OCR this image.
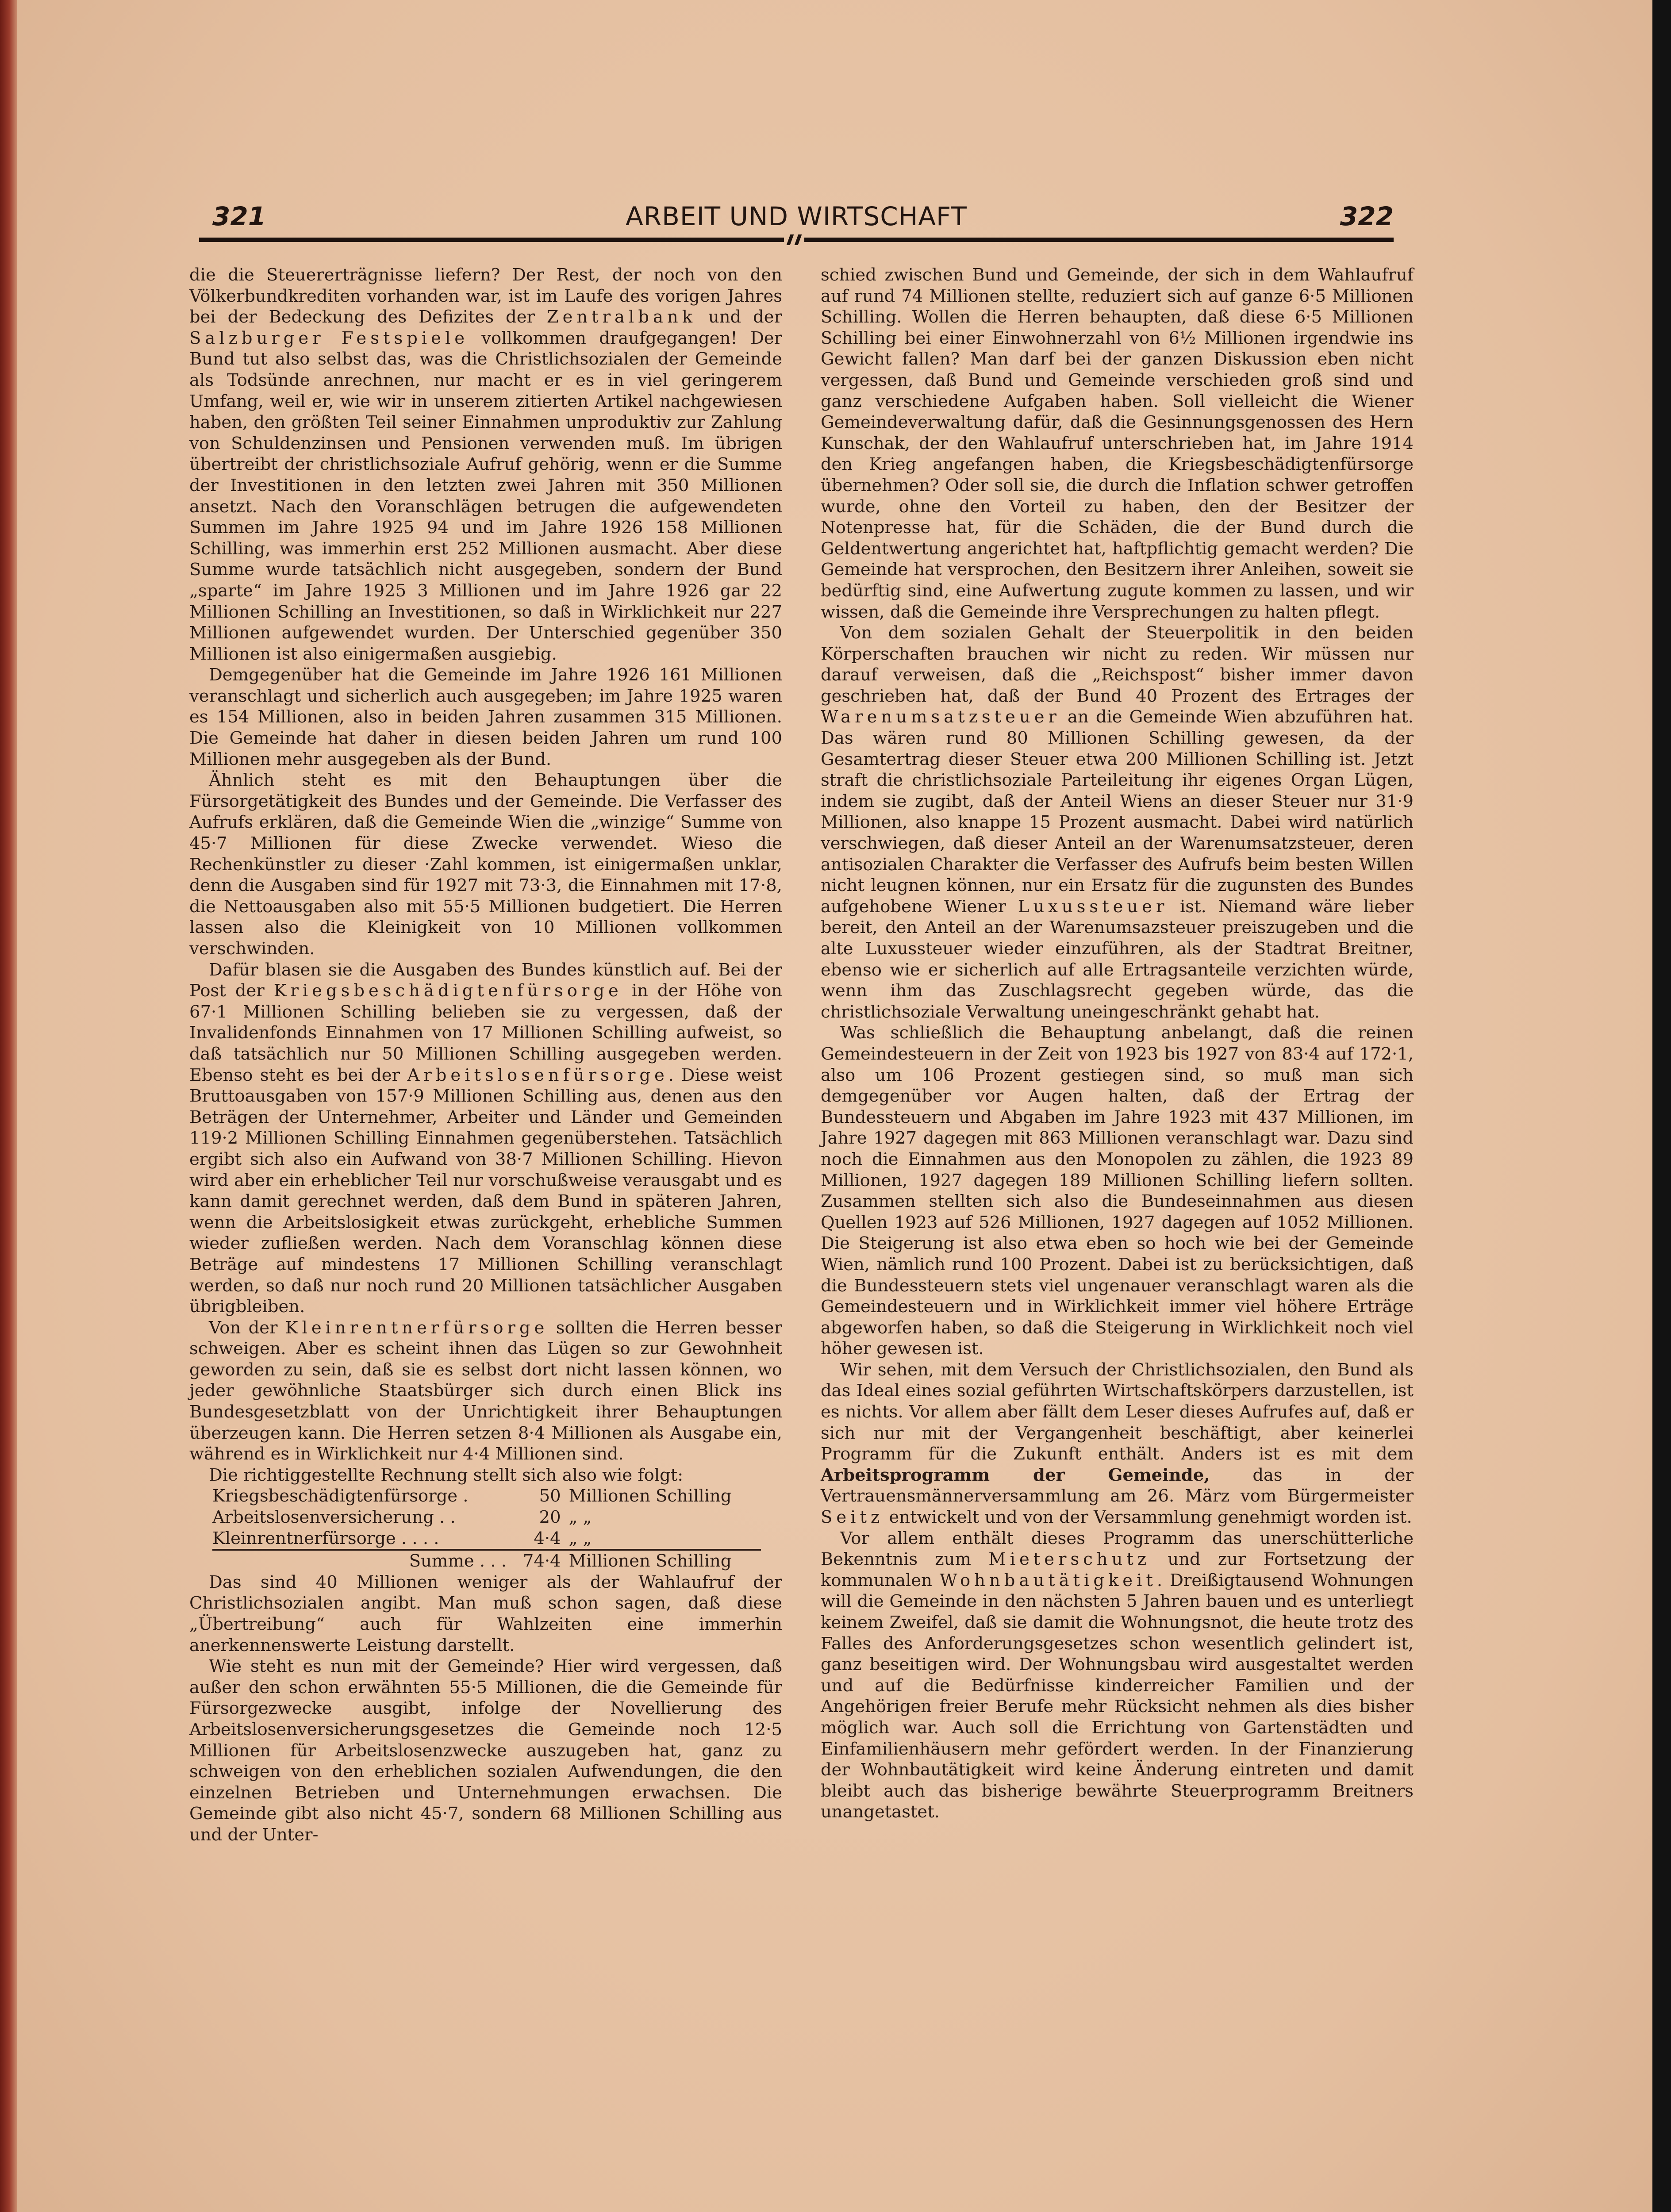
321	ARBEIT UND WIRTSCHAFT	322

die die Steuererträgnisse liefern? Der Rest, der noch von den Völkerbundkrediten vorhanden war, ist im Laufe des vorigen Jahres bei der Bedeckung des Defizites der Zentralbank und der Salzburger Festspiele vollkommen draufgegangen! Der Bund tut also selbst das, was die Christlichsozialen der Gemeinde als Todsünde anrechnen, nur macht er es in viel geringerem Umfang, weil er, wie wir in unserem zitierten Artikel nachgewiesen haben, den größten Teil seiner Einnahmen unproduktiv zur Zahlung von Schuldenzinsen und Pensionen verwenden muß. Im übrigen übertreibt der christlichsoziale Aufruf gehörig, wenn er die Summe der Investitionen in den letzten zwei Jahren mit 350 Millionen ansetzt. Nach den Voranschlägen betrugen die aufgewendeten Summen im Jahre 1925 94 und im Jahre 1926 158 Millionen Schilling, was immerhin erst 252 Millionen ausmacht. Aber diese Summe wurde tatsächlich nicht ausgegeben, sondern der Bund „sparte“ im Jahre 1925 3 Millionen und im Jahre 1926 gar 22 Millionen Schilling an Investitionen, so daß in Wirklichkeit nur 227 Millionen aufgewendet wurden. Der Unterschied gegenüber 350 Millionen ist also einigermaßen ausgiebig.

Demgegenüber hat die Gemeinde im Jahre 1926 161 Millionen veranschlagt und sicherlich auch ausgegeben; im Jahre 1925 waren es 154 Millionen, also in beiden Jahren zusammen 315 Millionen. Die Gemeinde hat daher in diesen beiden Jahren um rund 100 Millionen mehr ausgegeben als der Bund.

Ähnlich steht es mit den Behauptungen über die Fürsorgetätigkeit des Bundes und der Gemeinde. Die Verfasser des Aufrufs erklären, daß die Gemeinde Wien die „winzige“ Summe von 45·7 Millionen für diese Zwecke verwendet. Wieso die Rechenkünstler zu dieser ·Zahl kommen, ist einigermaßen unklar, denn die Ausgaben sind für 1927 mit 73·3, die Einnahmen mit 17·8, die Nettoausgaben also mit 55·5 Millionen budgetiert. Die Herren lassen also die Kleinigkeit von 10 Millionen vollkommen verschwinden.

Dafür blasen sie die Ausgaben des Bundes künstlich auf. Bei der Post der Kriegsbeschädigtenfürsorge in der Höhe von 67·1 Millionen Schilling belieben sie zu vergessen, daß der Invalidenfonds Einnahmen von 17 Millionen Schilling aufweist, so daß tatsächlich nur 50 Millionen Schilling ausgegeben werden. Ebenso steht es bei der Arbeitslosenfürsorge. Diese weist Bruttoausgaben von 157·9 Millionen Schilling aus, denen aus den Beträgen der Unternehmer, Arbeiter und Länder und Gemeinden 119·2 Millionen Schilling Einnahmen gegenüberstehen. Tatsächlich ergibt sich also ein Aufwand von 38·7 Millionen Schilling. Hievon wird aber ein erheblicher Teil nur vorschußweise verausgabt und es kann damit gerechnet werden, daß dem Bund in späteren Jahren, wenn die Arbeitslosigkeit etwas zurückgeht, erhebliche Summen wieder zufließen werden. Nach dem Voranschlag können diese Beträge auf mindestens 17 Millionen Schilling veranschlagt werden, so daß nur noch rund 20 Millionen tatsächlicher Ausgaben übrigbleiben.

Von der Kleinrentnerfürsorge sollten die Herren besser schweigen. Aber es scheint ihnen das Lügen so zur Gewohnheit geworden zu sein, daß sie es selbst dort nicht lassen können, wo jeder gewöhnliche Staatsbürger sich durch einen Blick ins Bundesgesetzblatt von der Unrichtigkeit ihrer Behauptungen überzeugen kann. Die Herren setzen 8·4 Millionen als Ausgabe ein, während es in Wirklichkeit nur 4·4 Millionen sind.

Die richtiggestellte Rechnung stellt sich also wie folgt:

Kriegsbeschädigtenfürsorge .	50	Millionen Schilling
Arbeitslosenversicherung . .	20	„ „
Kleinrentnerfürsorge . . . .	4·4	„ „
Summe . . .	74·4	Millionen Schilling

Das sind 40 Millionen weniger als der Wahlaufruf der Christlichsozialen angibt. Man muß schon sagen, daß diese „Übertreibung“ auch für Wahlzeiten eine immerhin anerkennenswerte Leistung darstellt.

Wie steht es nun mit der Gemeinde? Hier wird vergessen, daß außer den schon erwähnten 55·5 Millionen, die die Gemeinde für Fürsorgezwecke ausgibt, infolge der Novellierung des Arbeitslosenversicherungsgesetzes die Gemeinde noch 12·5 Millionen für Arbeitslosenzwecke auszugeben hat, ganz zu schweigen von den erheblichen sozialen Aufwendungen, die den einzelnen Betrieben und Unternehmungen erwachsen. Die Gemeinde gibt also nicht 45·7, sondern 68 Millionen Schilling aus und der Unter-

schied zwischen Bund und Gemeinde, der sich in dem Wahlaufruf auf rund 74 Millionen stellte, reduziert sich auf ganze 6·5 Millionen Schilling. Wollen die Herren behaupten, daß diese 6·5 Millionen Schilling bei einer Einwohnerzahl von 6½ Millionen irgendwie ins Gewicht fallen? Man darf bei der ganzen Diskussion eben nicht vergessen, daß Bund und Gemeinde verschieden groß sind und ganz verschiedene Aufgaben haben. Soll vielleicht die Wiener Gemeindeverwaltung dafür, daß die Gesinnungsgenossen des Hern Kunschak, der den Wahlaufruf unterschrieben hat, im Jahre 1914 den Krieg angefangen haben, die Kriegsbeschädigtenfürsorge übernehmen? Oder soll sie, die durch die Inflation schwer getroffen wurde, ohne den Vorteil zu haben, den der Besitzer der Notenpresse hat, für die Schäden, die der Bund durch die Geldentwertung angerichtet hat, haftpflichtig gemacht werden? Die Gemeinde hat versprochen, den Besitzern ihrer Anleihen, soweit sie bedürftig sind, eine Aufwertung zugute kommen zu lassen, und wir wissen, daß die Gemeinde ihre Versprechungen zu halten pflegt.

Von dem sozialen Gehalt der Steuerpolitik in den beiden Körperschaften brauchen wir nicht zu reden. Wir müssen nur darauf verweisen, daß die „Reichspost“ bisher immer davon geschrieben hat, daß der Bund 40 Prozent des Ertrages der Warenumsatzsteuer an die Gemeinde Wien abzuführen hat. Das wären rund 80 Millionen Schilling gewesen, da der Gesamtertrag dieser Steuer etwa 200 Millionen Schilling ist. Jetzt straft die christlichsoziale Parteileitung ihr eigenes Organ Lügen, indem sie zugibt, daß der Anteil Wiens an dieser Steuer nur 31·9 Millionen, also knappe 15 Prozent ausmacht. Dabei wird natürlich verschwiegen, daß dieser Anteil an der Warenumsatzsteuer, deren antisozialen Charakter die Verfasser des Aufrufs beim besten Willen nicht leugnen können, nur ein Ersatz für die zugunsten des Bundes aufgehobene Wiener Luxussteuer ist. Niemand wäre lieber bereit, den Anteil an der Warenumsazsteuer preiszugeben und die alte Luxussteuer wieder einzuführen, als der Stadtrat Breitner, ebenso wie er sicherlich auf alle Ertragsanteile verzichten würde, wenn ihm das Zuschlagsrecht gegeben würde, das die christlichsoziale Verwaltung uneingeschränkt gehabt hat.

Was schließlich die Behauptung anbelangt, daß die reinen Gemeindesteuern in der Zeit von 1923 bis 1927 von 83·4 auf 172·1, also um 106 Prozent gestiegen sind, so muß man sich demgegenüber vor Augen halten, daß der Ertrag der Bundessteuern und Abgaben im Jahre 1923 mit 437 Millionen, im Jahre 1927 dagegen mit 863 Millionen veranschlagt war. Dazu sind noch die Einnahmen aus den Monopolen zu zählen, die 1923 89 Millionen, 1927 dagegen 189 Millionen Schilling liefern sollten. Zusammen stellten sich also die Bundeseinnahmen aus diesen Quellen 1923 auf 526 Millionen, 1927 dagegen auf 1052 Millionen. Die Steigerung ist also etwa eben so hoch wie bei der Gemeinde Wien, nämlich rund 100 Prozent. Dabei ist zu berücksichtigen, daß die Bundessteuern stets viel ungenauer veranschlagt waren als die Gemeindesteuern und in Wirklichkeit immer viel höhere Erträge abgeworfen haben, so daß die Steigerung in Wirklichkeit noch viel höher gewesen ist.

Wir sehen, mit dem Versuch der Christlichsozialen, den Bund als das Ideal eines sozial geführten Wirtschaftskörpers darzustellen, ist es nichts. Vor allem aber fällt dem Leser dieses Aufrufes auf, daß er sich nur mit der Vergangenheit beschäftigt, aber keinerlei Programm für die Zukunft enthält. Anders ist es mit dem Arbeitsprogramm der Gemeinde, das in der Vertrauensmännerversammlung am 26. März vom Bürgermeister Seitz entwickelt und von der Versammlung genehmigt worden ist.

Vor allem enthält dieses Programm das unerschütterliche Bekenntnis zum Mieterschutz und zur Fortsetzung der kommunalen Wohnbautätigkeit. Dreißigtausend Wohnungen will die Gemeinde in den nächsten 5 Jahren bauen und es unterliegt keinem Zweifel, daß sie damit die Wohnungsnot, die heute trotz des Falles des Anforderungsgesetzes schon wesentlich gelindert ist, ganz beseitigen wird. Der Wohnungsbau wird ausgestaltet werden und auf die Bedürfnisse kinderreicher Familien und der Angehörigen freier Berufe mehr Rücksicht nehmen als dies bisher möglich war. Auch soll die Errichtung von Gartenstädten und Einfamilienhäusern mehr gefördert werden. In der Finanzierung der Wohnbautätigkeit wird keine Änderung eintreten und damit bleibt auch das bisherige bewährte Steuerprogramm Breitners unangetastet.
